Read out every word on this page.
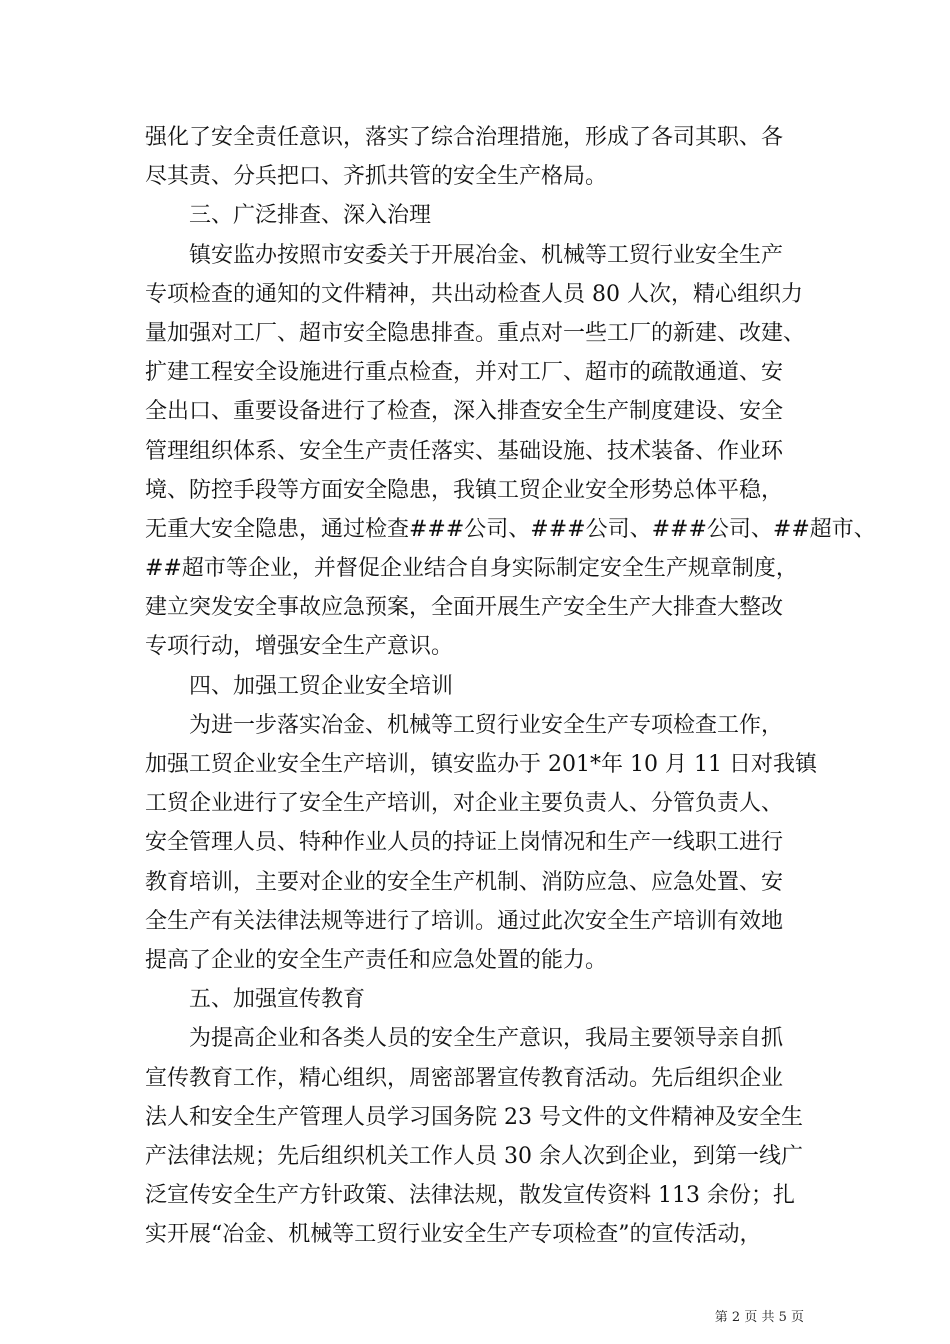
强化了安全责任意识，落实了综合治理措施，形成了各司其职、各
尽其责、分兵把口、齐抓共管的安全生产格局。
三、广泛排查、深入治理
镇安监办按照市安委关于开展冶金、机械等工贸行业安全生产
专项检查的通知的文件精神，共出动检查人员 80 人次，精心组织力
量加强对工厂、超市安全隐患排查。重点对一些工厂的新建、改建、
扩建工程安全设施进行重点检查，并对工厂、超市的疏散通道、安
全出口、重要设备进行了检查，深入排查安全生产制度建设、安全
管理组织体系、安全生产责任落实、基础设施、技术装备、作业环
境、防控手段等方面安全隐患，我镇工贸企业安全形势总体平稳，
无重大安全隐患，通过检查###公司、###公司、###公司、##超市、
##超市等企业，并督促企业结合自身实际制定安全生产规章制度，
建立突发安全事故应急预案，全面开展生产安全生产大排查大整改
专项行动，增强安全生产意识。
四、加强工贸企业安全培训
为进一步落实冶金、机械等工贸行业安全生产专项检查工作，
加强工贸企业安全生产培训，镇安监办于 201*年 10 月 11 日对我镇
工贸企业进行了安全生产培训，对企业主要负责人、分管负责人、
安全管理人员、特种作业人员的持证上岗情况和生产一线职工进行
教育培训，主要对企业的安全生产机制、消防应急、应急处置、安
全生产有关法律法规等进行了培训。通过此次安全生产培训有效地
提高了企业的安全生产责任和应急处置的能力。
五、加强宣传教育
为提高企业和各类人员的安全生产意识，我局主要领导亲自抓
宣传教育工作，精心组织，周密部署宣传教育活动。先后组织企业
法人和安全生产管理人员学习国务院 23 号文件的文件精神及安全生
产法律法规；先后组织机关工作人员 30 余人次到企业，到第一线广
泛宣传安全生产方针政策、法律法规，散发宣传资料 113 余份；扎
实开展“冶金、机械等工贸行业安全生产专项检查”的宣传活动，
第 2 页 共 5 页
